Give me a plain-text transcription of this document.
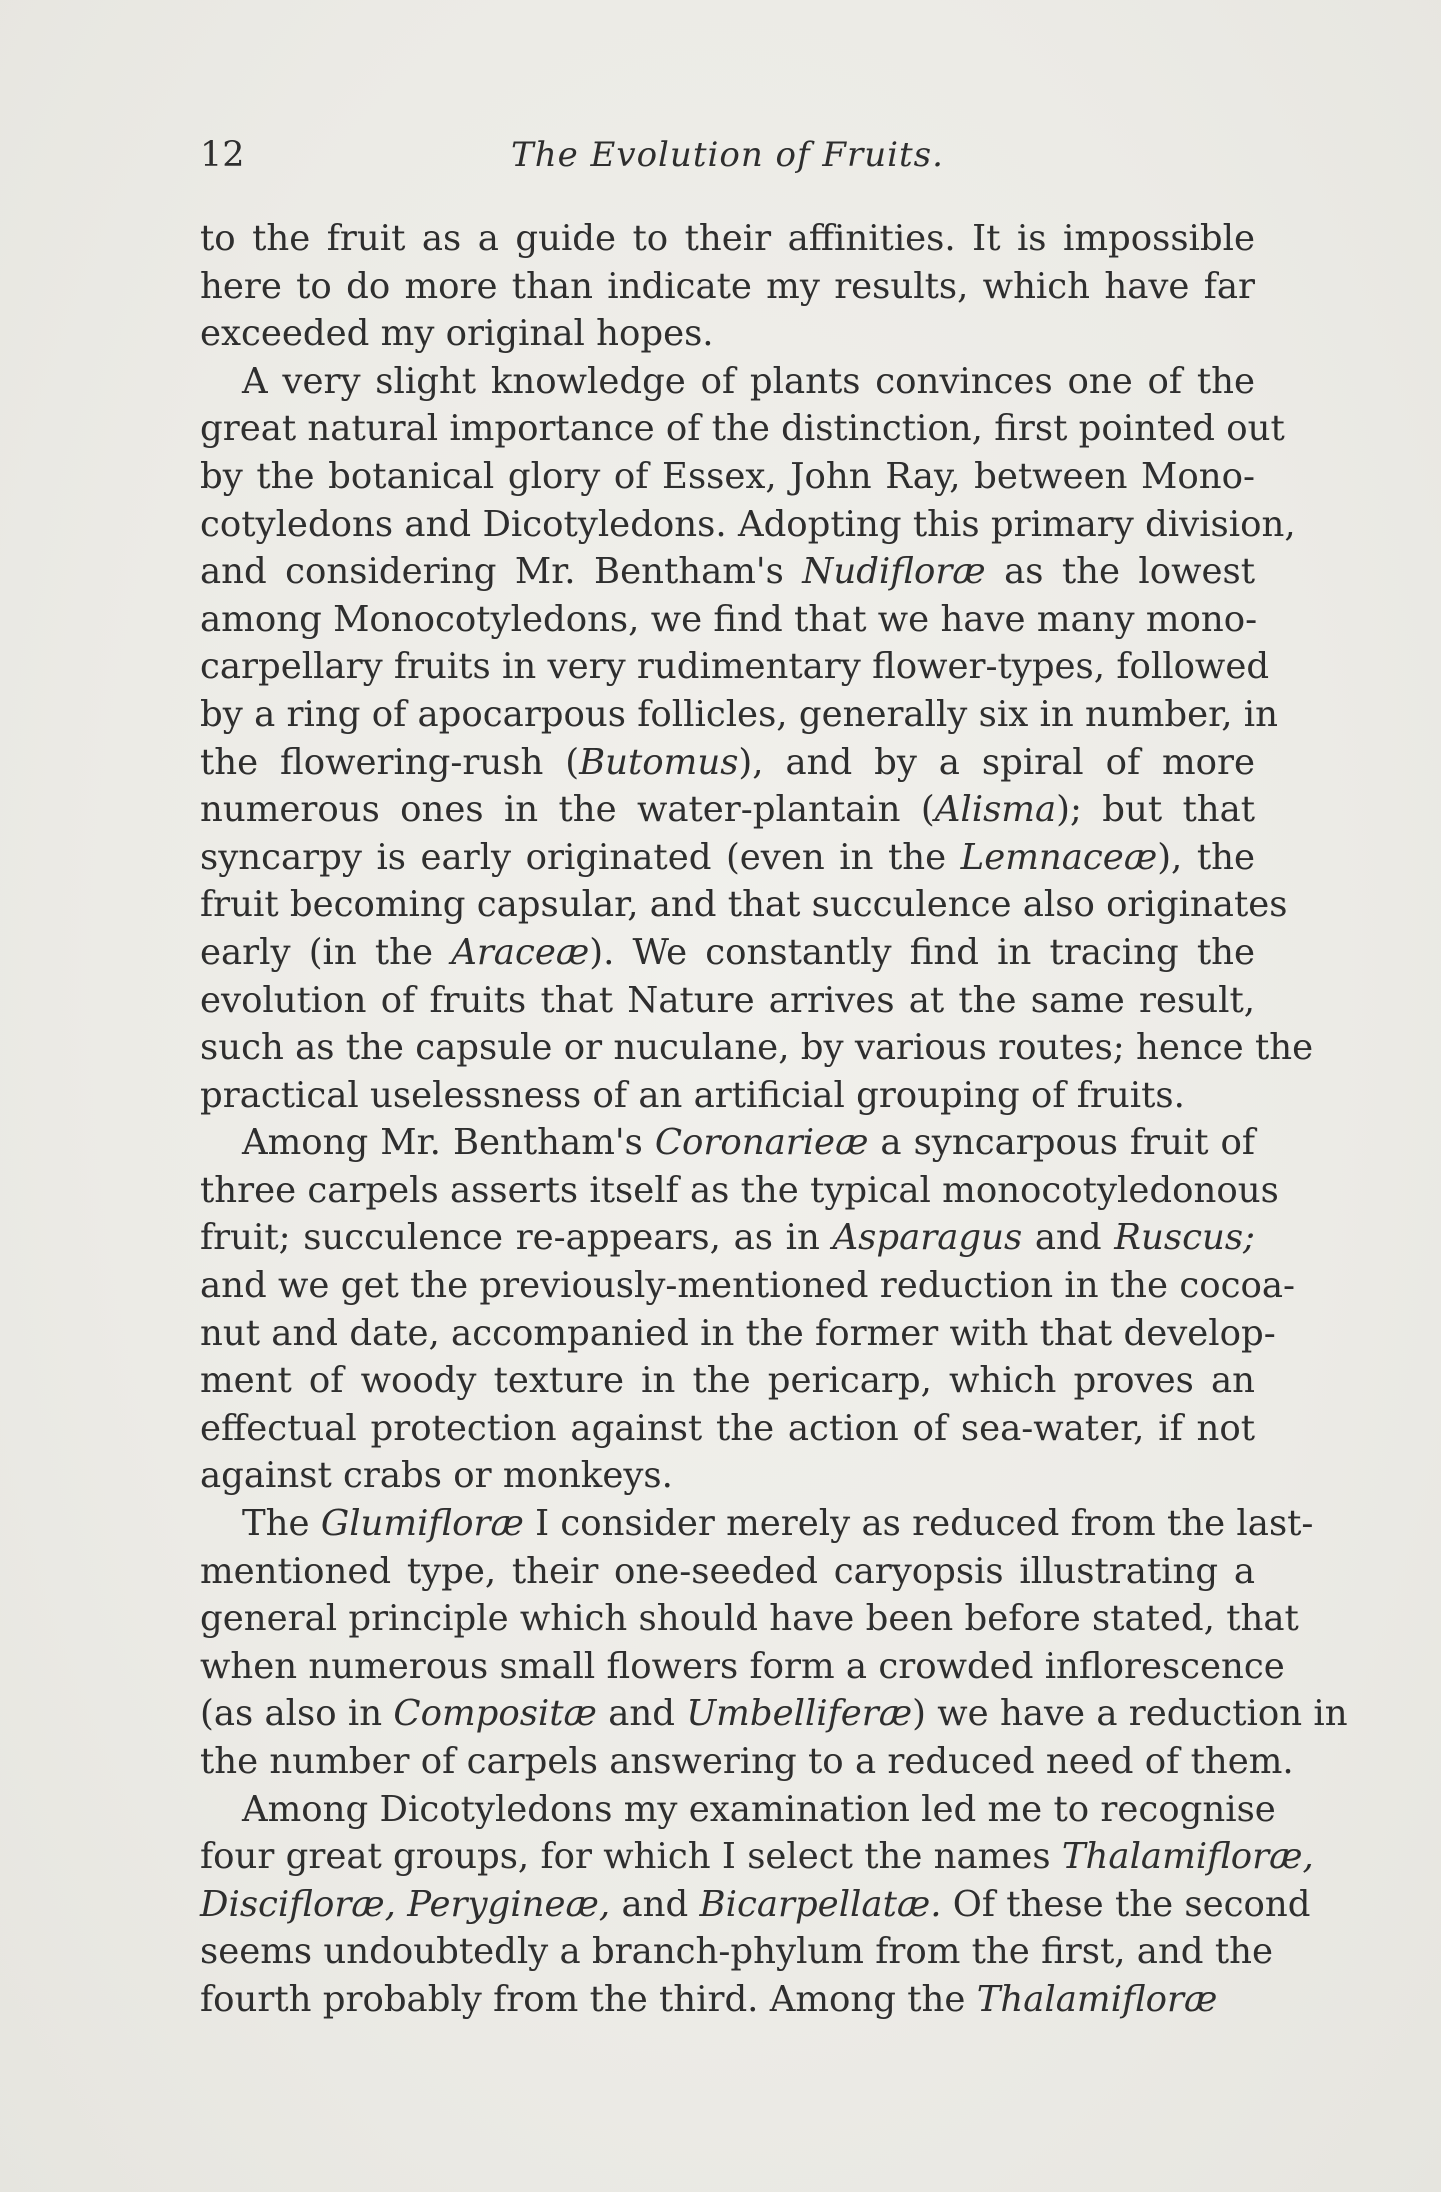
12	The Evolution of Fruits.
to the fruit as a guide to their affinities. It is impossible
here to do more than indicate my results, which have far
exceeded my original hopes.
A very slight knowledge of plants convinces one of the
great natural importance of the distinction, first pointed out
by the botanical glory of Essex, John Ray, between Mono-
cotyledons and Dicotyledons. Adopting this primary division,
and considering Mr. Bentham's Nudifloræ as the lowest
among Monocotyledons, we find that we have many mono-
carpellary fruits in very rudimentary flower-types, followed
by a ring of apocarpous follicles, generally six in number, in
the flowering-rush (Butomus), and by a spiral of more
numerous ones in the water-plantain (Alisma); but that
syncarpy is early originated (even in the Lemnaceæ), the
fruit becoming capsular, and that succulence also originates
early (in the Araceæ). We constantly find in tracing the
evolution of fruits that Nature arrives at the same result,
such as the capsule or nuculane, by various routes; hence the
practical uselessness of an artificial grouping of fruits.
Among Mr. Bentham's Coronarieæ a syncarpous fruit of
three carpels asserts itself as the typical monocotyledonous
fruit; succulence re-appears, as in Asparagus and Ruscus;
and we get the previously-mentioned reduction in the cocoa-
nut and date, accompanied in the former with that develop-
ment of woody texture in the pericarp, which proves an
effectual protection against the action of sea-water, if not
against crabs or monkeys.
The Glumifloræ I consider merely as reduced from the last-
mentioned type, their one-seeded caryopsis illustrating a
general principle which should have been before stated, that
when numerous small flowers form a crowded inflorescence
(as also in Compositæ and Umbelliferæ) we have a reduction in
the number of carpels answering to a reduced need of them.
Among Dicotyledons my examination led me to recognise
four great groups, for which I select the names Thalamifloræ,
Discifloræ, Perygineæ, and Bicarpellatæ. Of these the second
seems undoubtedly a branch-phylum from the first, and the
fourth probably from the third. Among the Thalamifloræ
